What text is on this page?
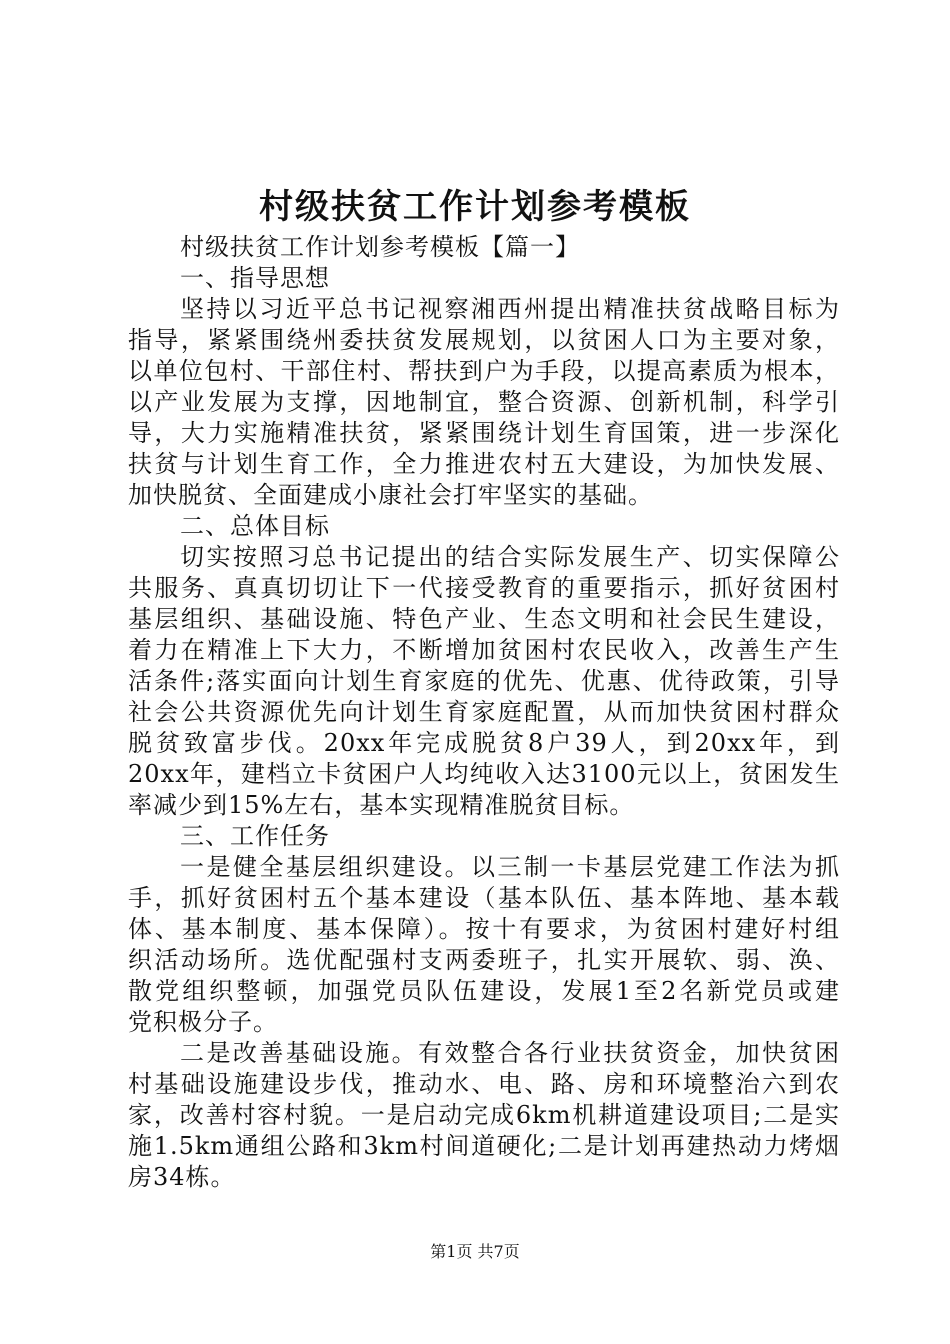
村级扶贫工作计划参考模板
村级扶贫工作计划参考模板【篇一】
一、指导思想
坚持以习近平总书记视察湘西州提出精准扶贫战略目标为
指导，紧紧围绕州委扶贫发展规划，以贫困人口为主要对象，
以单位包村、干部住村、帮扶到户为手段，以提高素质为根本，
以产业发展为支撑，因地制宜，整合资源、创新机制，科学引
导，大力实施精准扶贫，紧紧围绕计划生育国策，进一步深化
扶贫与计划生育工作，全力推进农村五大建设，为加快发展、
加快脱贫、全面建成小康社会打牢坚实的基础。
二、总体目标
切实按照习总书记提出的结合实际发展生产、切实保障公
共服务、真真切切让下一代接受教育的重要指示，抓好贫困村
基层组织、基础设施、特色产业、生态文明和社会民生建设，
着力在精准上下大力，不断增加贫困村农民收入，改善生产生
活条件;落实面向计划生育家庭的优先、优惠、优待政策，引导
社会公共资源优先向计划生育家庭配置，从而加快贫困村群众
脱贫致富步伐。20xx年完成脱贫8户39人，到20xx年，到
20xx年，建档立卡贫困户人均纯收入达3100元以上，贫困发生
率减少到15%左右，基本实现精准脱贫目标。
三、工作任务
一是健全基层组织建设。以三制一卡基层党建工作法为抓
手，抓好贫困村五个基本建设（基本队伍、基本阵地、基本载
体、基本制度、基本保障）。按十有要求，为贫困村建好村组
织活动场所。选优配强村支两委班子，扎实开展软、弱、涣、
散党组织整顿，加强党员队伍建设，发展1至2名新党员或建
党积极分子。
二是改善基础设施。有效整合各行业扶贫资金，加快贫困
村基础设施建设步伐，推动水、电、路、房和环境整治六到农
家，改善村容村貌。一是启动完成6km机耕道建设项目;二是实
施1.5km通组公路和3km村间道硬化;二是计划再建热动力烤烟
房34栋。
第1页 共7页
